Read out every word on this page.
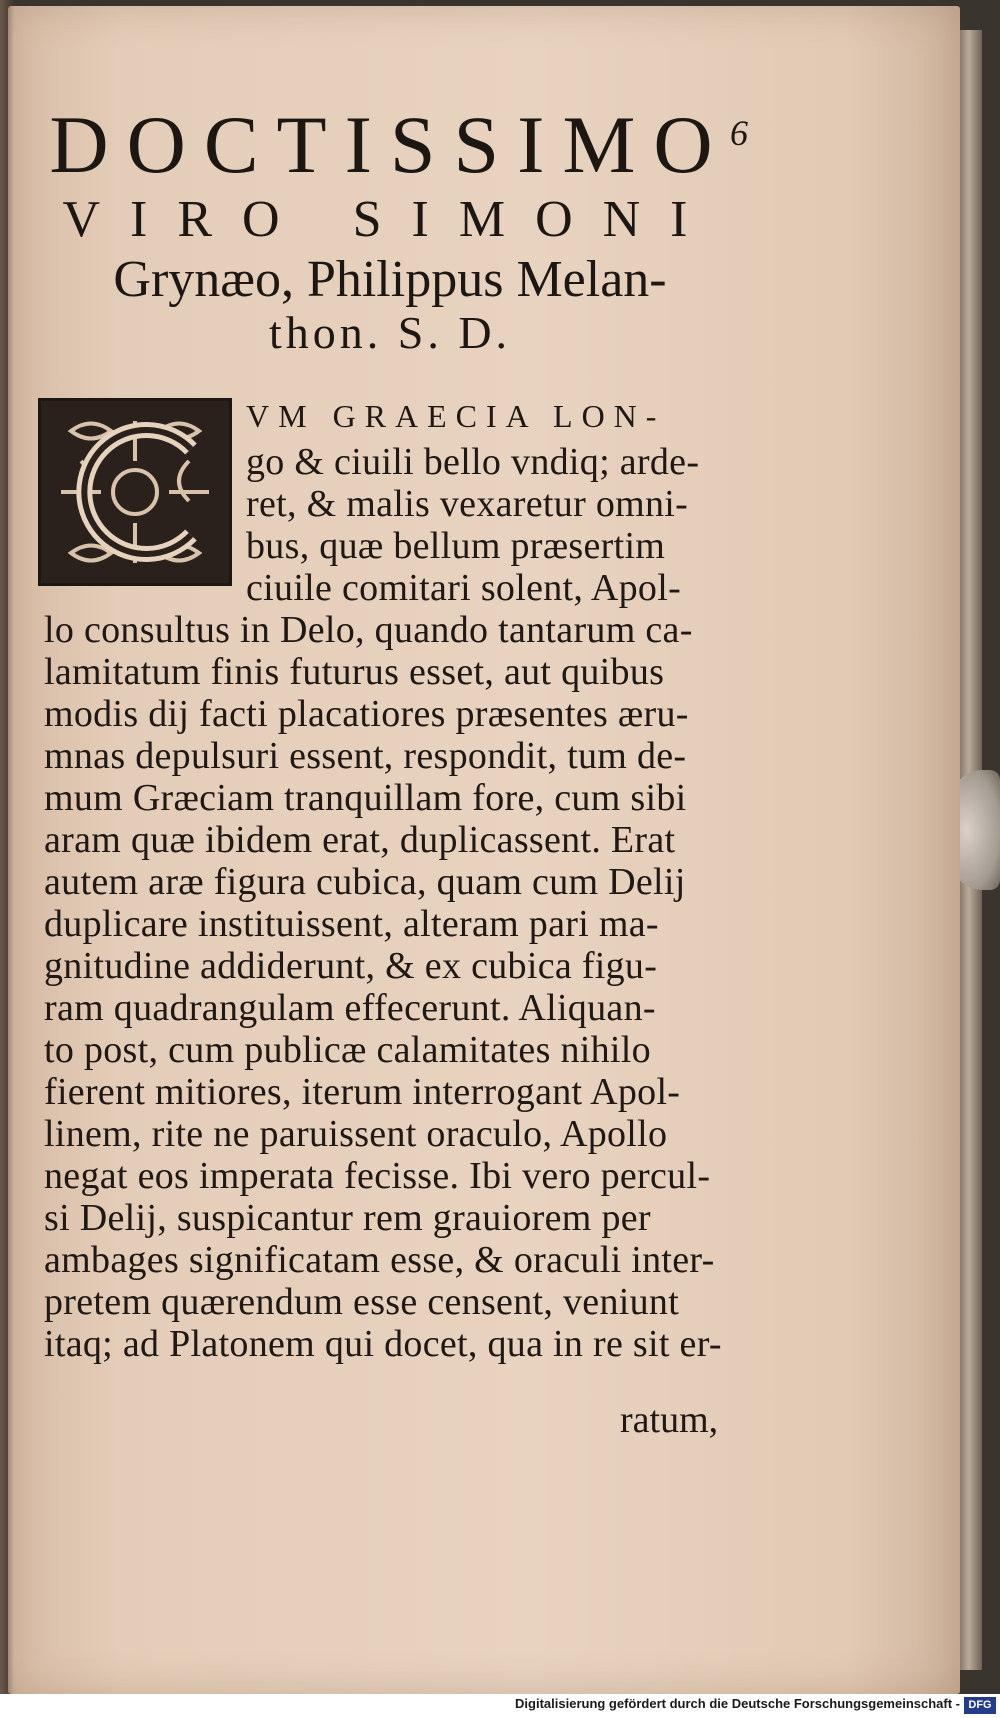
DOCTISSIMO 6
VIRO SIMONI
Grynæo, Philippus Melan-
thon. S. D.
VM GRAECIA LON-
go & ciuili bello vndiq; arde-
ret, & malis vexaretur omni-
bus, quæ bellum præsertim
ciuile comitari solent, Apol-
lo consultus in Delo, quando tantarum ca-
lamitatum finis futurus esset, aut quibus
modis dij facti placatiores præsentes æru-
mnas depulsuri essent, respondit, tum de-
mum Græciam tranquillam fore, cum sibi
aram quæ ibidem erat, duplicassent. Erat
autem aræ figura cubica, quam cum Delij
duplicare instituissent, alteram pari ma-
gnitudine addiderunt, & ex cubica figu-
ram quadrangulam effecerunt. Aliquan-
to post, cum publicæ calamitates nihilo
fierent mitiores, iterum interrogant Apol-
linem, rite ne paruissent oraculo, Apollo
negat eos imperata fecisse. Ibi vero percul-
si Delij, suspicantur rem grauiorem per
ambages significatam esse, & oraculi inter-
pretem quærendum esse censent, veniunt
itaq; ad Platonem qui docet, qua in re sit er-
ratum,
Digitalisierung gefördert durch die Deutsche Forschungsgemeinschaft - DFG
